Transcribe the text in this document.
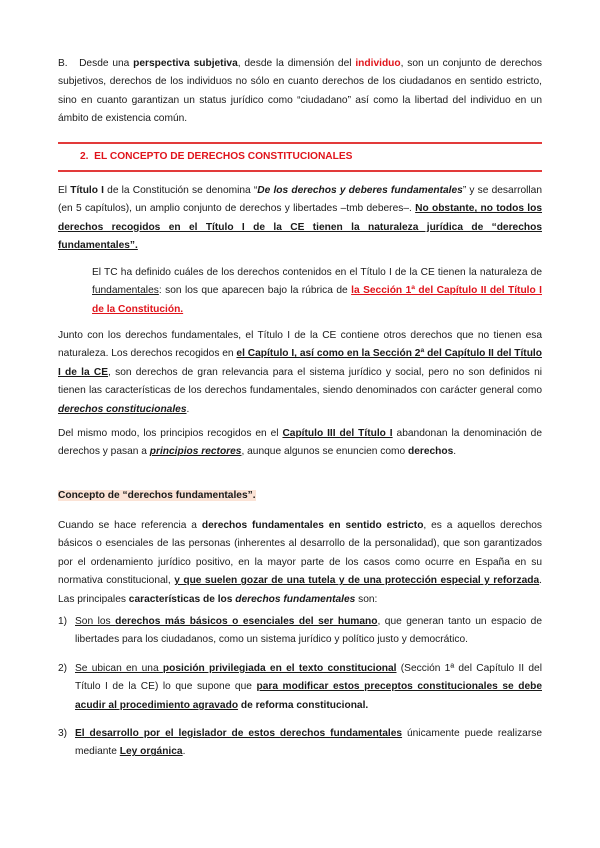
B. Desde una perspectiva subjetiva, desde la dimensión del individuo, son un conjunto de derechos subjetivos, derechos de los individuos no sólo en cuanto derechos de los ciudadanos en sentido estricto, sino en cuanto garantizan un status jurídico como “ciudadano” así como la libertad del individuo en un ámbito de existencia común.

2. EL CONCEPTO DE DERECHOS CONSTITUCIONALES

El Título I de la Constitución se denomina “De los derechos y deberes fundamentales” y se desarrollan (en 5 capítulos), un amplio conjunto de derechos y libertades –tmb deberes–. No obstante, no todos los derechos recogidos en el Título I de la CE tienen la naturaleza jurídica de “derechos fundamentales”.

El TC ha definido cuáles de los derechos contenidos en el Título I de la CE tienen la naturaleza de fundamentales: son los que aparecen bajo la rúbrica de la Sección 1ª del Capítulo II del Título I de la Constitución.

Junto con los derechos fundamentales, el Título I de la CE contiene otros derechos que no tienen esa naturaleza. Los derechos recogidos en el Capítulo I, así como en la Sección 2ª del Capítulo II del Título I de la CE, son derechos de gran relevancia para el sistema jurídico y social, pero no son definidos ni tienen las características de los derechos fundamentales, siendo denominados con carácter general como derechos constitucionales.

Del mismo modo, los principios recogidos en el Capítulo III del Título I abandonan la denominación de derechos y pasan a principios rectores, aunque algunos se enuncien como derechos.

Concepto de “derechos fundamentales”.

Cuando se hace referencia a derechos fundamentales en sentido estricto, es a aquellos derechos básicos o esenciales de las personas (inherentes al desarrollo de la personalidad), que son garantizados por el ordenamiento jurídico positivo, en la mayor parte de los casos como ocurre en España en su normativa constitucional, y que suelen gozar de una tutela y de una protección especial y reforzada. Las principales características de los derechos fundamentales son:

1) Son los derechos más básicos o esenciales del ser humano, que generan tanto un espacio de libertades para los ciudadanos, como un sistema jurídico y político justo y democrático.

2) Se ubican en una posición privilegiada en el texto constitucional (Sección 1ª del Capítulo II del Título I de la CE) lo que supone que para modificar estos preceptos constitucionales se debe acudir al procedimiento agravado de reforma constitucional.

3) El desarrollo por el legislador de estos derechos fundamentales únicamente puede realizarse mediante Ley orgánica.
